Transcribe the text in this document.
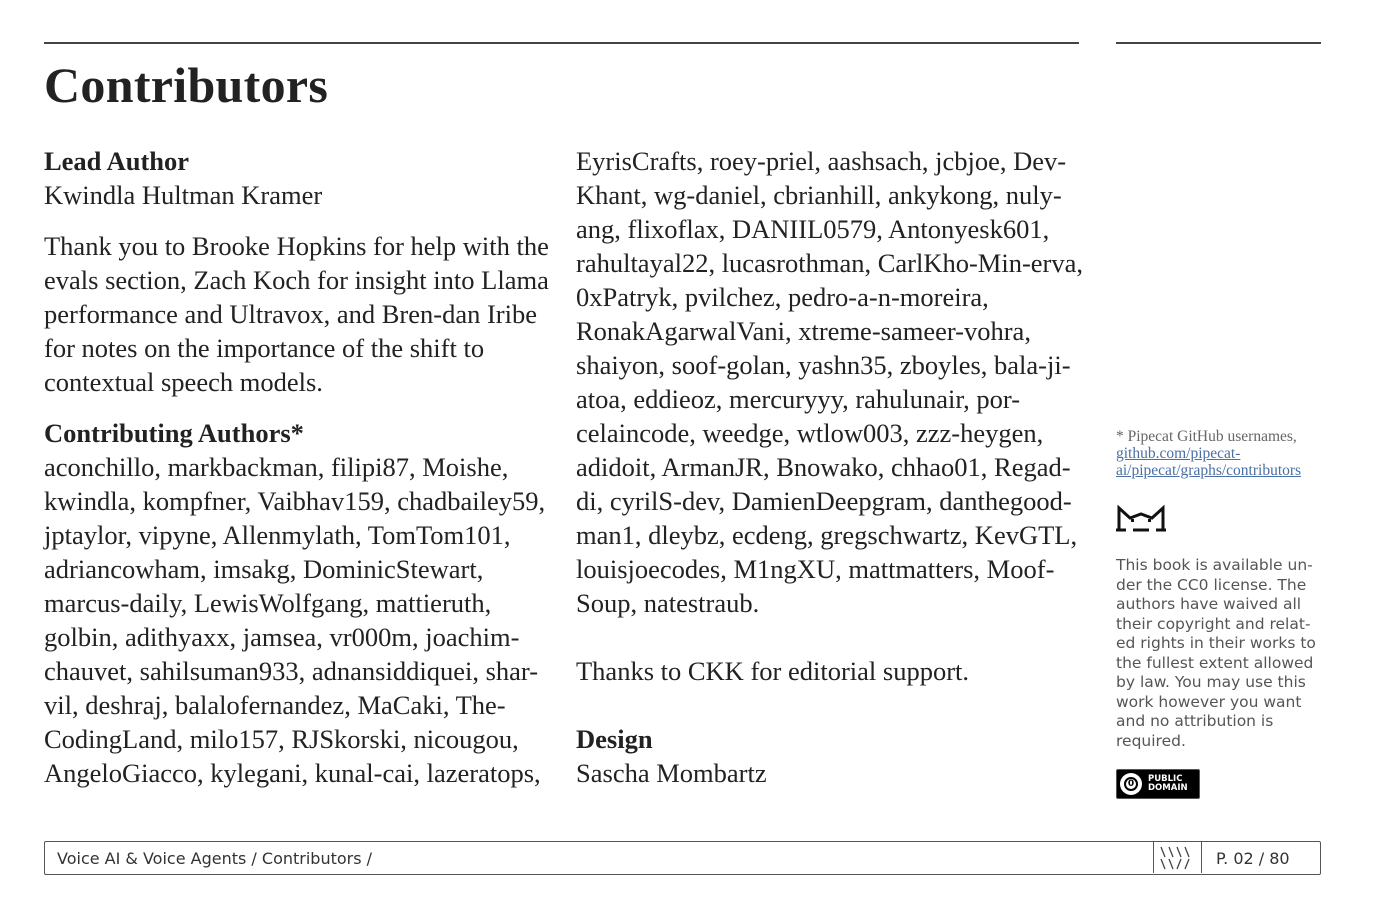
Contributors

Lead Author

Kwindla Hultman Kramer

Thank you to Brooke Hopkins for help with the evals section, Zach Koch for insight into Llama performance and Ultravox, and Bren-dan Iribe for notes on the importance of the shift to contextual speech models.

Contributing Authors*

aconchillo, markbackman, filipi87, Moishe, kwindla, kompfner, Vaibhav159, chadbailey59, jptaylor, vipyne, Allenmylath, TomTom101, adriancowham, imsakg, DominicStewart, marcus-daily, LewisWolfgang, mattieruth, golbin, adithyaxx, jamsea, vr000m, joachim-chauvet, sahilsuman933, adnansiddiquei, shar-vil, deshraj, balalofernandez, MaCaki, The-CodingLand, milo157, RJSkorski, nicougou, AngeloGiacco, kylegani, kunal-cai, lazeratops,

EyrisCrafts, roey-priel, aashsach, jcbjoe, Dev-Khant, wg-daniel, cbrianhill, ankykong, nuly-ang, flixoflax, DANIIL0579, Antonyesk601, rahultayal22, lucasrothman, CarlKho-Min-erva, 0xPatryk, pvilchez, pedro-a-n-moreira, RonakAgarwalVani, xtreme-sameer-vohra, shaiyon, soof-golan, yashn35, zboyles, bala-ji-atoa, eddieoz, mercuryyy, rahulunair, por-celaincode, weedge, wtlow003, zzz-heygen, adidoit, ArmanJR, Bnowako, chhao01, Regad-di, cyrilS-dev, DamienDeepgram, danthegood-man1, dleybz, ecdeng, gregschwartz, KevGTL, louisjoecodes, M1ngXU, mattmatters, Moof-Soup, natestraub.

Thanks to CKK for editorial support.

Design

Sascha Mombartz

* Pipecat GitHub usernames,
github.com/pipecat-ai/pipecat/graphs/contributors
This book is available un-der the CC0 license. The authors have waived all their copyright and relat-ed rights in their works to the fullest extent allowed by law. You may use this work however you want and no attribution is required.
0	PUBLIC
DOMAIN
Voice AI & Voice Agents / Contributors /	P. 02 / 80
